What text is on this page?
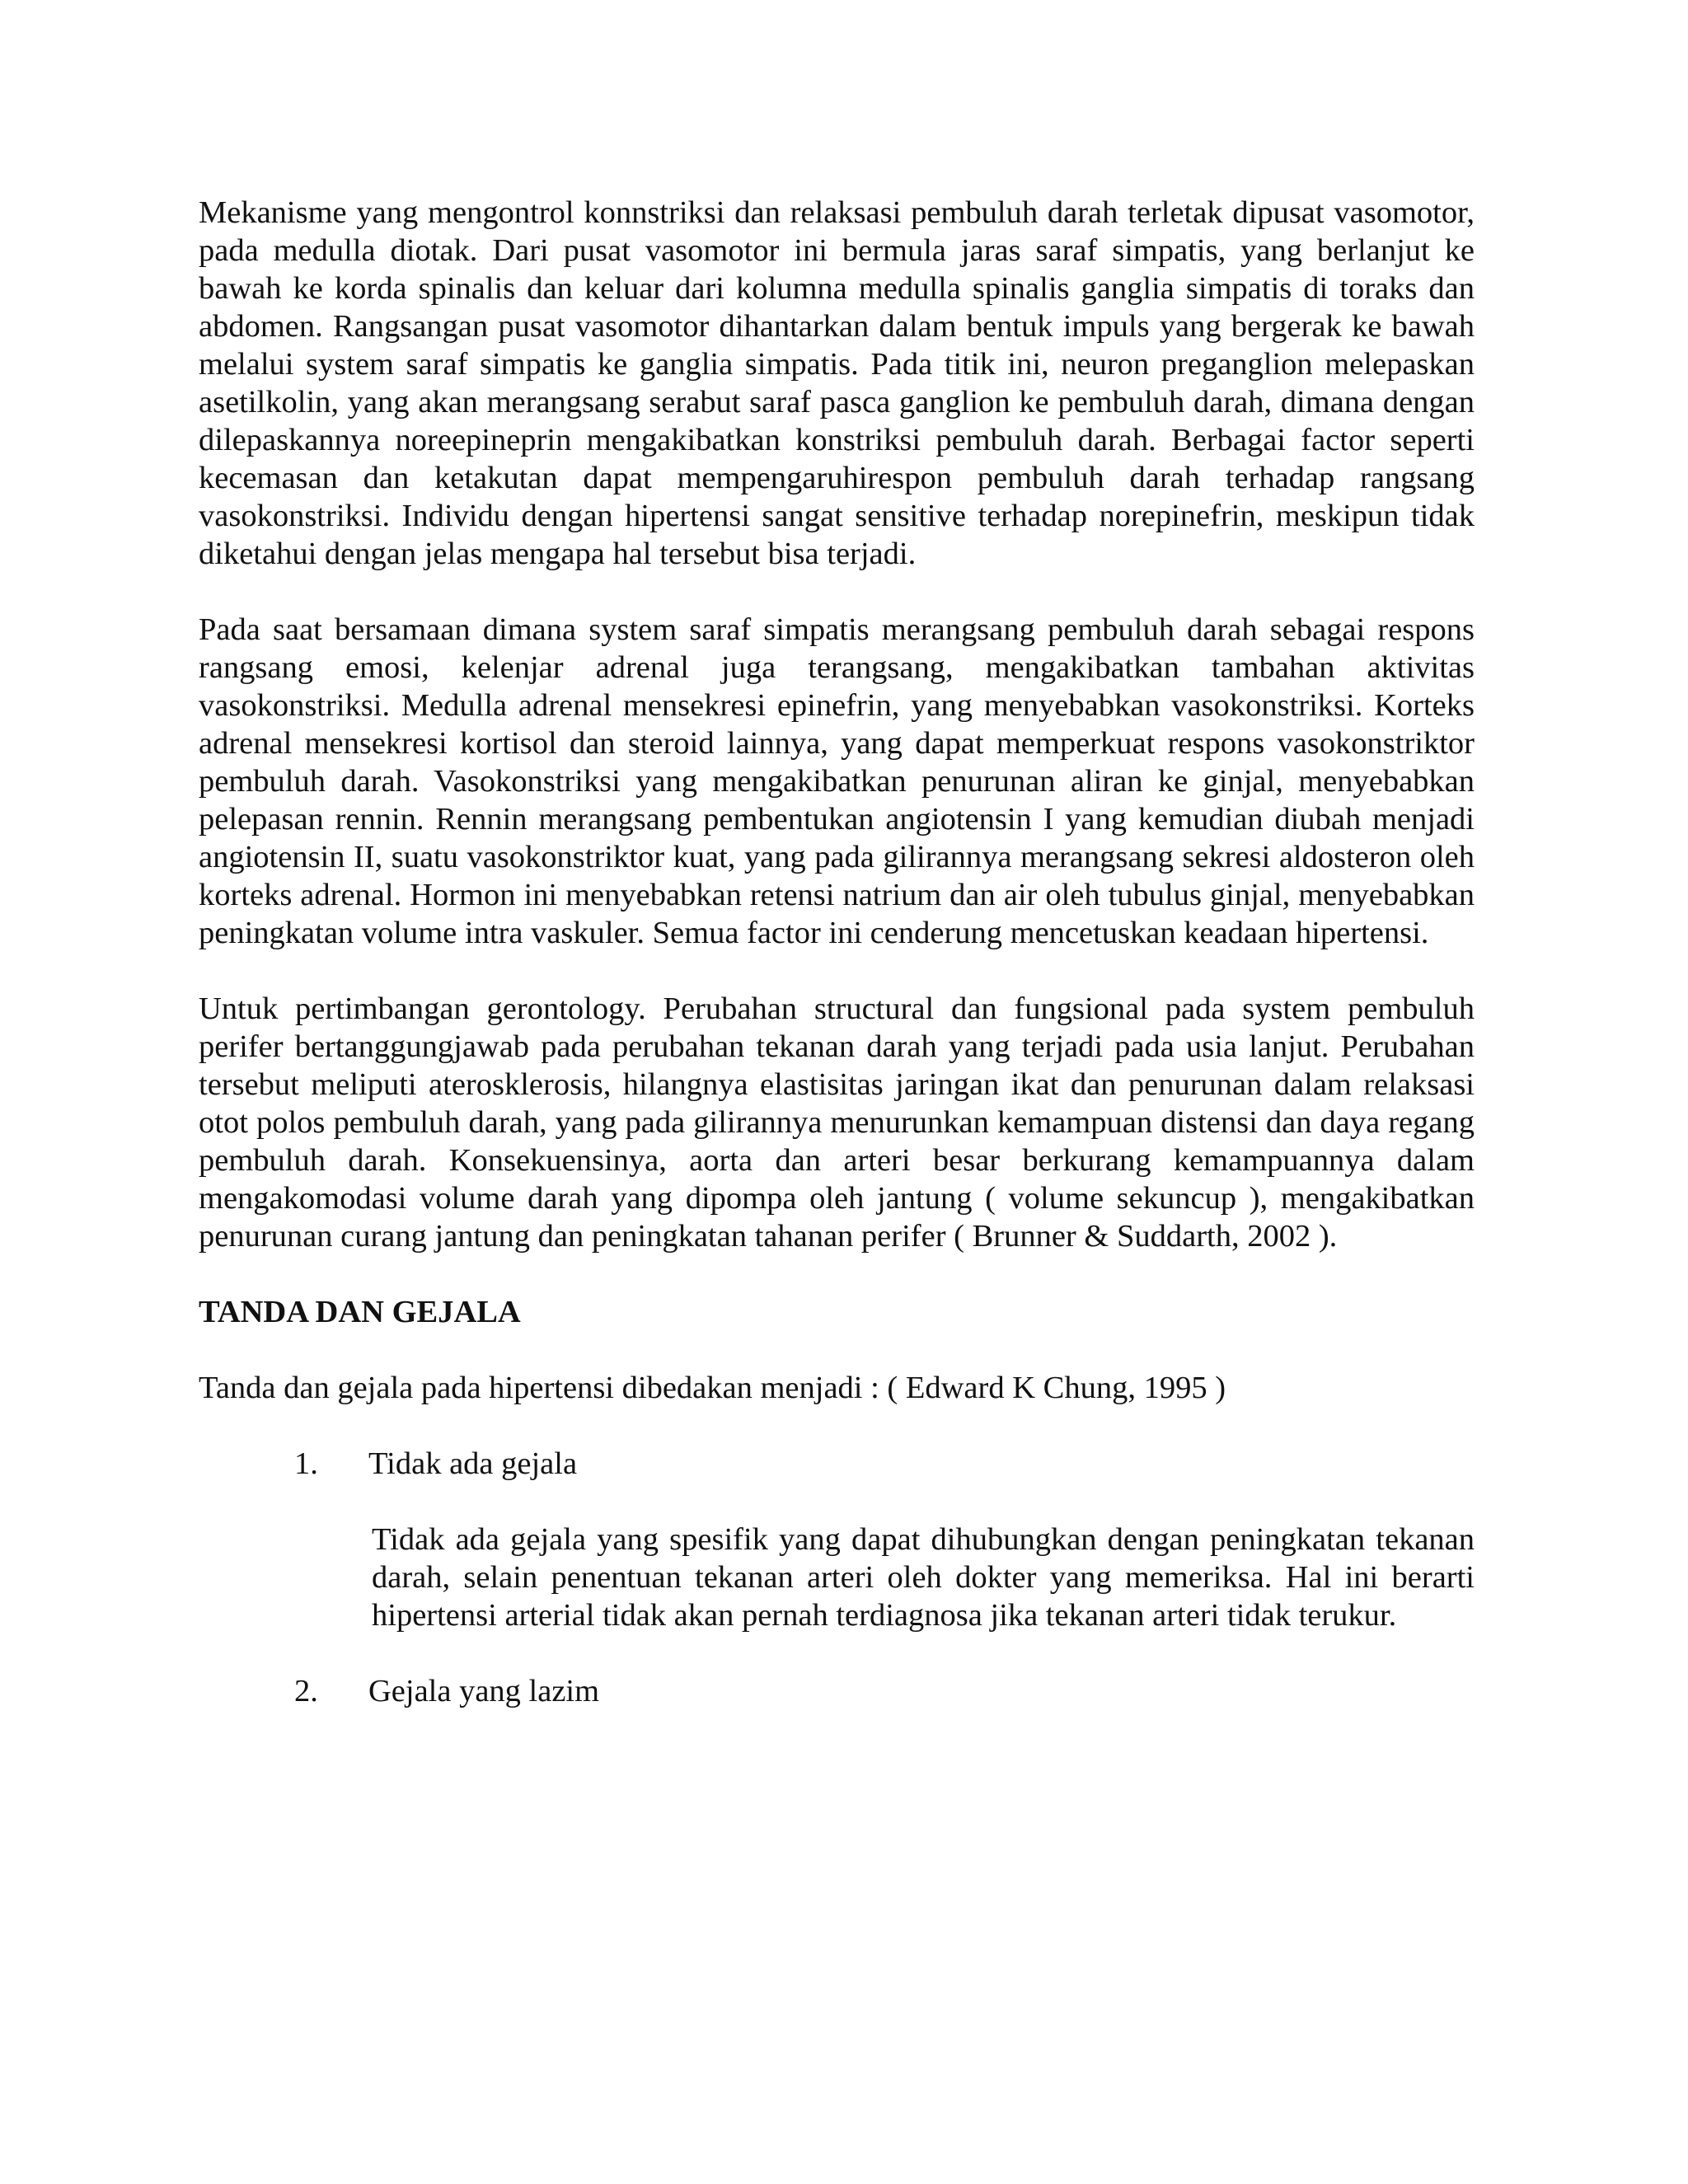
Mekanisme yang mengontrol konnstriksi dan relaksasi pembuluh darah terletak dipusat vasomotor, pada medulla diotak. Dari pusat vasomotor ini bermula jaras saraf simpatis, yang berlanjut ke bawah ke korda spinalis dan keluar dari kolumna medulla spinalis ganglia simpatis di toraks dan abdomen. Rangsangan pusat vasomotor dihantarkan dalam bentuk impuls yang bergerak ke bawah melalui system saraf simpatis ke ganglia simpatis. Pada titik ini, neuron preganglion melepaskan asetilkolin, yang akan merangsang serabut saraf pasca ganglion ke pembuluh darah, dimana dengan dilepaskannya noreepineprin mengakibatkan konstriksi pembuluh darah. Berbagai factor seperti kecemasan dan ketakutan dapat mempengaruhirespon pembuluh darah terhadap rangsang vasokonstriksi. Individu dengan hipertensi sangat sensitive terhadap norepinefrin, meskipun tidak diketahui dengan jelas mengapa hal tersebut bisa terjadi.

Pada saat bersamaan dimana system saraf simpatis merangsang pembuluh darah sebagai respons rangsang emosi, kelenjar adrenal juga terangsang, mengakibatkan tambahan aktivitas vasokonstriksi. Medulla adrenal mensekresi epinefrin, yang menyebabkan vasokonstriksi. Korteks adrenal mensekresi kortisol dan steroid lainnya, yang dapat memperkuat respons vasokonstriktor pembuluh darah. Vasokonstriksi yang mengakibatkan penurunan aliran ke ginjal, menyebabkan pelepasan rennin. Rennin merangsang pembentukan angiotensin I yang kemudian diubah menjadi angiotensin II, suatu vasokonstriktor kuat, yang pada gilirannya merangsang sekresi aldosteron oleh korteks adrenal. Hormon ini menyebabkan retensi natrium dan air oleh tubulus ginjal, menyebabkan peningkatan volume intra vaskuler. Semua factor ini cenderung mencetuskan keadaan hipertensi.

Untuk pertimbangan gerontology. Perubahan structural dan fungsional pada system pembuluh perifer bertanggungjawab pada perubahan tekanan darah yang terjadi pada usia lanjut. Perubahan tersebut meliputi aterosklerosis, hilangnya elastisitas jaringan ikat dan penurunan dalam relaksasi otot polos pembuluh darah, yang pada gilirannya menurunkan kemampuan distensi dan daya regang pembuluh darah. Konsekuensinya, aorta dan arteri besar berkurang kemampuannya dalam mengakomodasi volume darah yang dipompa oleh jantung ( volume sekuncup ), mengakibatkan penurunan curang jantung dan peningkatan tahanan perifer ( Brunner & Suddarth, 2002 ).

TANDA DAN GEJALA

Tanda dan gejala pada hipertensi dibedakan menjadi : ( Edward K Chung, 1995 )

1.	Tidak ada gejala

Tidak ada gejala yang spesifik yang dapat dihubungkan dengan peningkatan tekanan darah, selain penentuan tekanan arteri oleh dokter yang memeriksa. Hal ini berarti hipertensi arterial tidak akan pernah terdiagnosa jika tekanan arteri tidak terukur.

2.	Gejala yang lazim
